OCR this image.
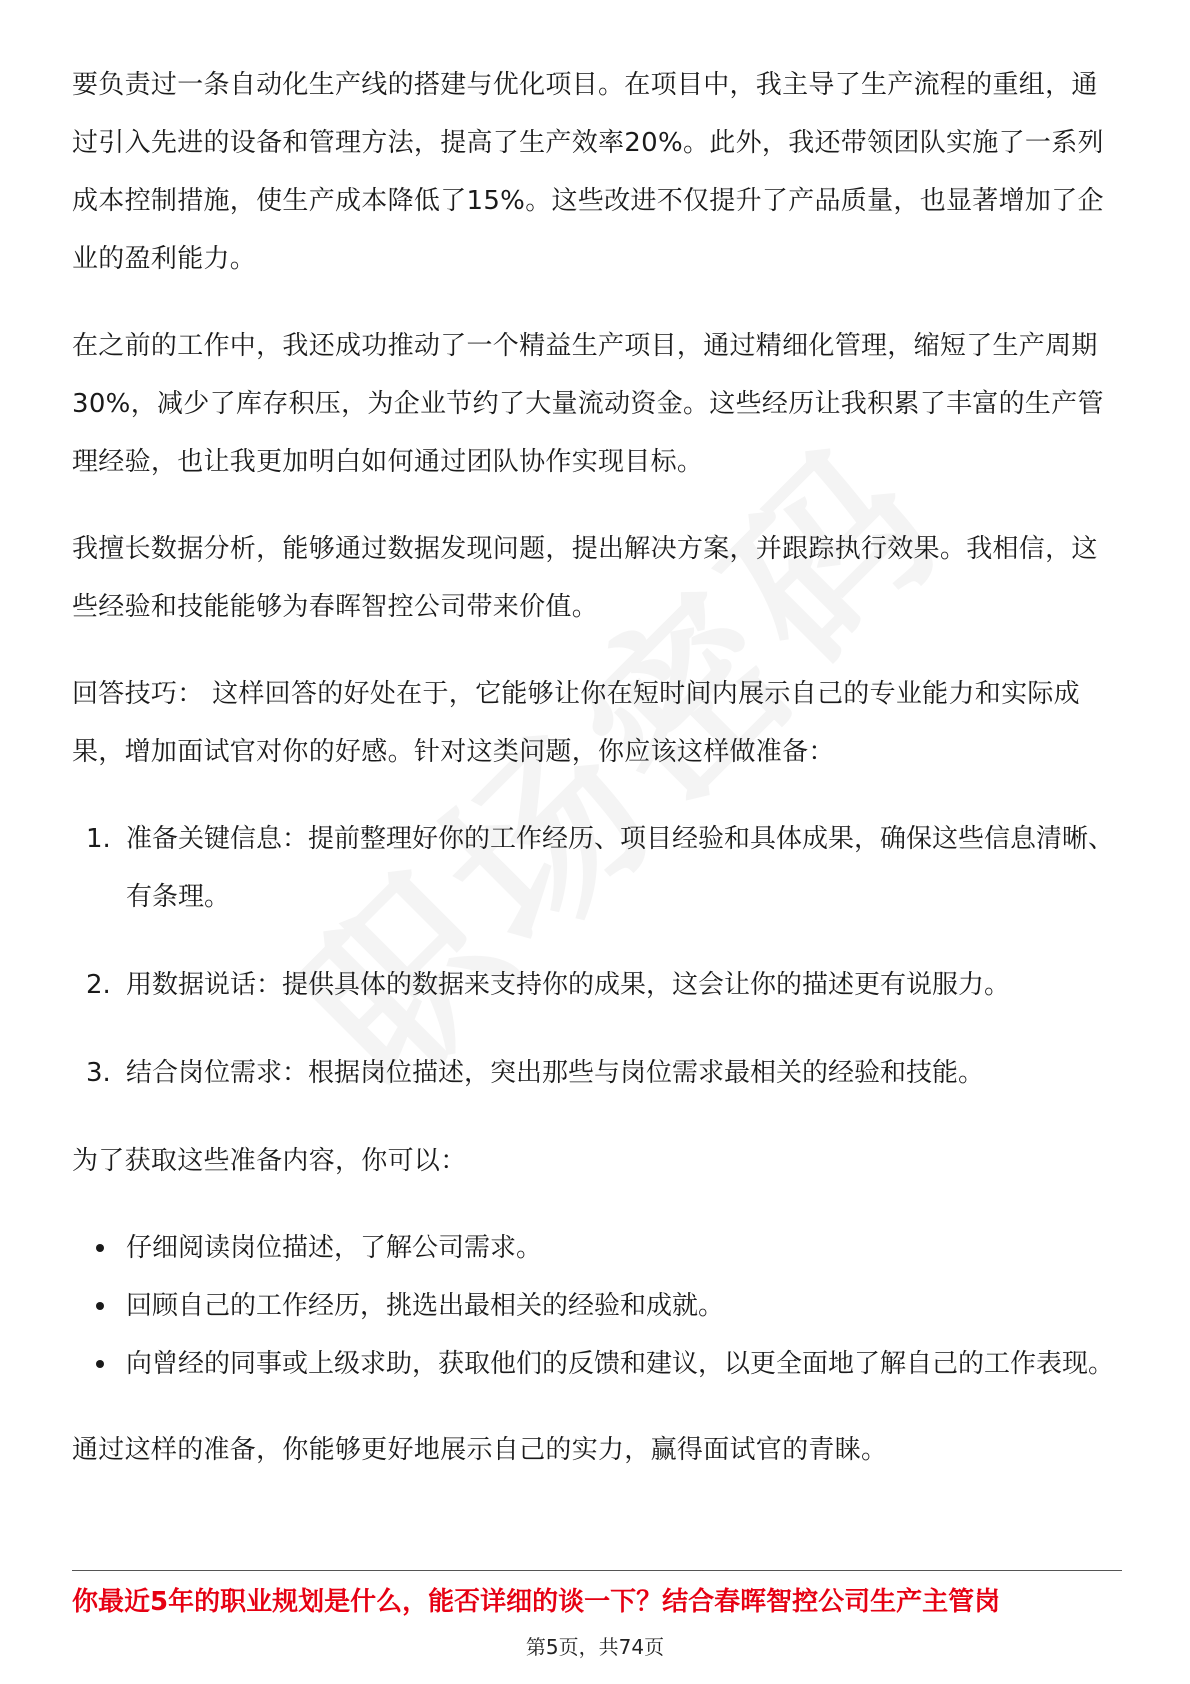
要负责过一条自动化生产线的搭建与优化项目。在项目中，我主导了生产流程的重组，通过引入先进的设备和管理方法，提高了生产效率20%。此外，我还带领团队实施了一系列成本控制措施，使生产成本降低了15%。这些改进不仅提升了产品质量，也显著增加了企业的盈利能力。

在之前的工作中，我还成功推动了一个精益生产项目，通过精细化管理，缩短了生产周期30%，减少了库存积压，为企业节约了大量流动资金。这些经历让我积累了丰富的生产管理经验，也让我更加明白如何通过团队协作实现目标。

我擅长数据分析，能够通过数据发现问题，提出解决方案，并跟踪执行效果。我相信，这些经验和技能能够为春晖智控公司带来价值。

回答技巧： 这样回答的好处在于，它能够让你在短时间内展示自己的专业能力和实际成果，增加面试官对你的好感。针对这类问题，你应该这样做准备：

1. 准备关键信息：提前整理好你的工作经历、项目经验和具体成果，确保这些信息清晰、有条理。
2. 用数据说话：提供具体的数据来支持你的成果，这会让你的描述更有说服力。
3. 结合岗位需求：根据岗位描述，突出那些与岗位需求最相关的经验和技能。

为了获取这些准备内容，你可以：

仔细阅读岗位描述，了解公司需求。
回顾自己的工作经历，挑选出最相关的经验和成就。
向曾经的同事或上级求助，获取他们的反馈和建议，以更全面地了解自己的工作表现。

通过这样的准备，你能够更好地展示自己的实力，赢得面试官的青睐。

你最近5年的职业规划是什么，能否详细的谈一下？结合春晖智控公司生产主管岗
第5页，共74页
